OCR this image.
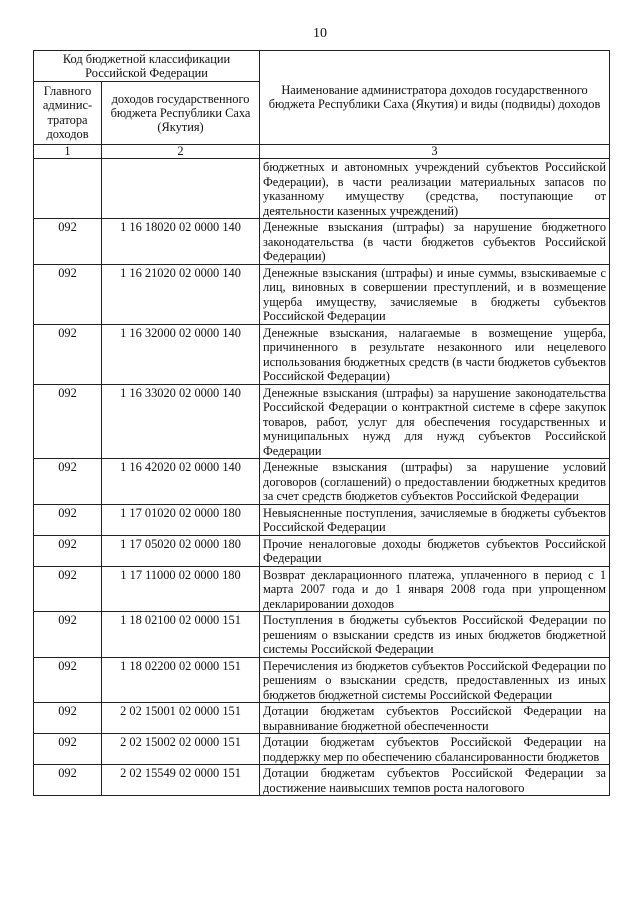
10
Код бюджетной классификации Российской Федерации		Наименование администратора доходов государственного бюджета Республики Саха (Якутия) и виды (подвиды) доходов
Главного
админис-
тратора
доходов	доходов государственного бюджета Республики Саха (Якутия)	
1	2	3
		бюджетных и автономных учреждений субъектов Российской Федерации), в части реализации материальных запасов по указанному имуществу (средства, поступающие от деятельности казенных учреждений)
092	1 16 18020 02 0000 140	Денежные взыскания (штрафы) за нарушение бюджетного законодательства (в части бюджетов субъектов Российской Федерации)
092	1 16 21020 02 0000 140	Денежные взыскания (штрафы) и иные суммы, взыскиваемые с лиц, виновных в совершении преступлений, и в возмещение ущерба имуществу, зачисляемые в бюджеты субъектов Российской Федерации
092	1 16 32000 02 0000 140	Денежные взыскания, налагаемые в возмещение ущерба, причиненного в результате незаконного или нецелевого использования бюджетных средств (в части бюджетов субъектов Российской Федерации)
092	1 16 33020 02 0000 140	Денежные взыскания (штрафы) за нарушение законодательства Российской Федерации о контрактной системе в сфере закупок товаров, работ, услуг для обеспечения государственных и муниципальных нужд для нужд субъектов Российской Федерации
092	1 16 42020 02 0000 140	Денежные взыскания (штрафы) за нарушение условий договоров (соглашений) о предоставлении бюджетных кредитов за счет средств бюджетов субъектов Российской Федерации
092	1 17 01020 02 0000 180	Невыясненные поступления, зачисляемые в бюджеты субъектов Российской Федерации
092	1 17 05020 02 0000 180	Прочие неналоговые доходы бюджетов субъектов Российской Федерации
092	1 17 11000 02 0000 180	Возврат декларационного платежа, уплаченного в период с 1 марта 2007 года и до 1 января 2008 года при упрощенном декларировании доходов
092	1 18 02100 02 0000 151	Поступления в бюджеты субъектов Российской Федерации по решениям о взыскании средств из иных бюджетов бюджетной системы Российской Федерации
092	1 18 02200 02 0000 151	Перечисления из бюджетов субъектов Российской Федерации по решениям о взыскании средств, предоставленных из иных бюджетов бюджетной системы Российской Федерации
092	2 02 15001 02 0000 151	Дотации бюджетам субъектов Российской Федерации на выравнивание бюджетной обеспеченности
092	2 02 15002 02 0000 151	Дотации бюджетам субъектов Российской Федерации на поддержку мер по обеспечению сбалансированности бюджетов
092	2 02 15549 02 0000 151	Дотации бюджетам субъектов Российской Федерации за достижение наивысших темпов роста налогового
